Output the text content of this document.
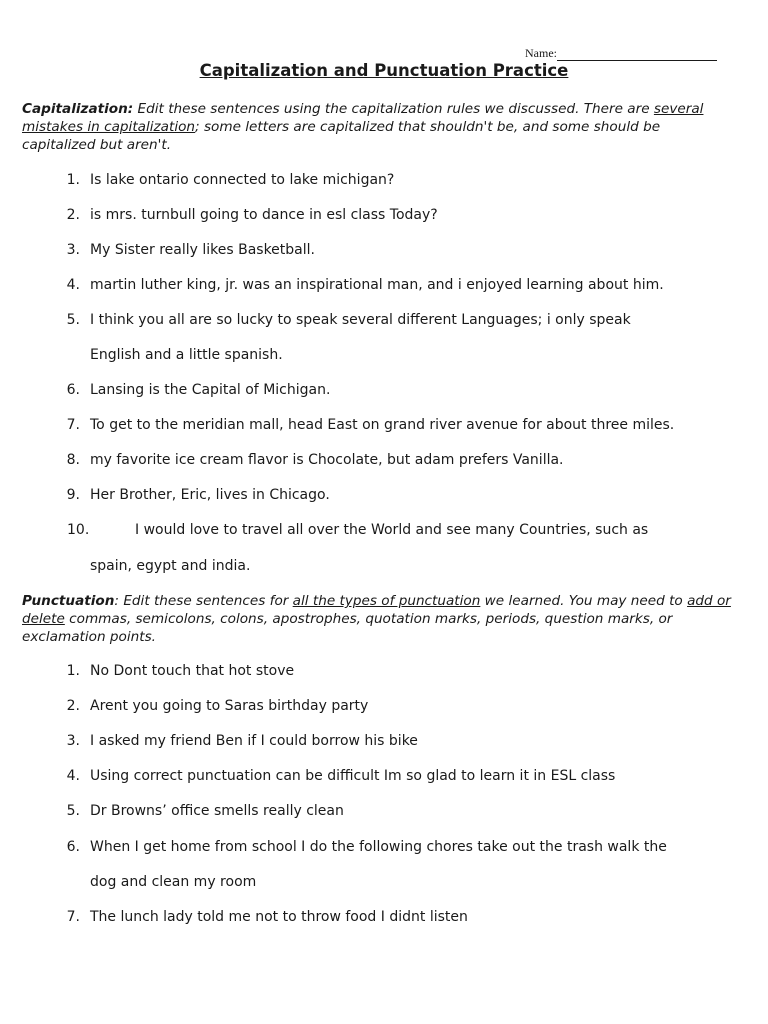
Name:
Capitalization and Punctuation Practice

Capitalization: Edit these sentences using the capitalization rules we discussed. There are several mistakes in capitalization; some letters are capitalized that shouldn't be, and some should be capitalized but aren't.

1. Is lake ontario connected to lake michigan?
2. is mrs. turnbull going to dance in esl class Today?
3. My Sister really likes Basketball.
4. martin luther king, jr. was an inspirational man, and i enjoyed learning about him.
5. I think you all are so lucky to speak several different Languages; i only speak

English and a little spanish.

6. Lansing is the Capital of Michigan.
7. To get to the meridian mall, head East on grand river avenue for about three miles.
8. my favorite ice cream flavor is Chocolate, but adam prefers Vanilla.
9. Her Brother, Eric, lives in Chicago.
10.	I would love to travel all over the World and see many Countries, such as

spain, egypt and india.

Punctuation: Edit these sentences for all the types of punctuation we learned. You may need to add or delete commas, semicolons, colons, apostrophes, quotation marks, periods, question marks, or exclamation points.

1. No Dont touch that hot stove
2. Arent you going to Saras birthday party
3. I asked my friend Ben if I could borrow his bike
4. Using correct punctuation can be difficult Im so glad to learn it in ESL class
5. Dr Browns’ office smells really clean
6. When I get home from school I do the following chores take out the trash walk the

dog and clean my room

7. The lunch lady told me not to throw food I didnt listen
